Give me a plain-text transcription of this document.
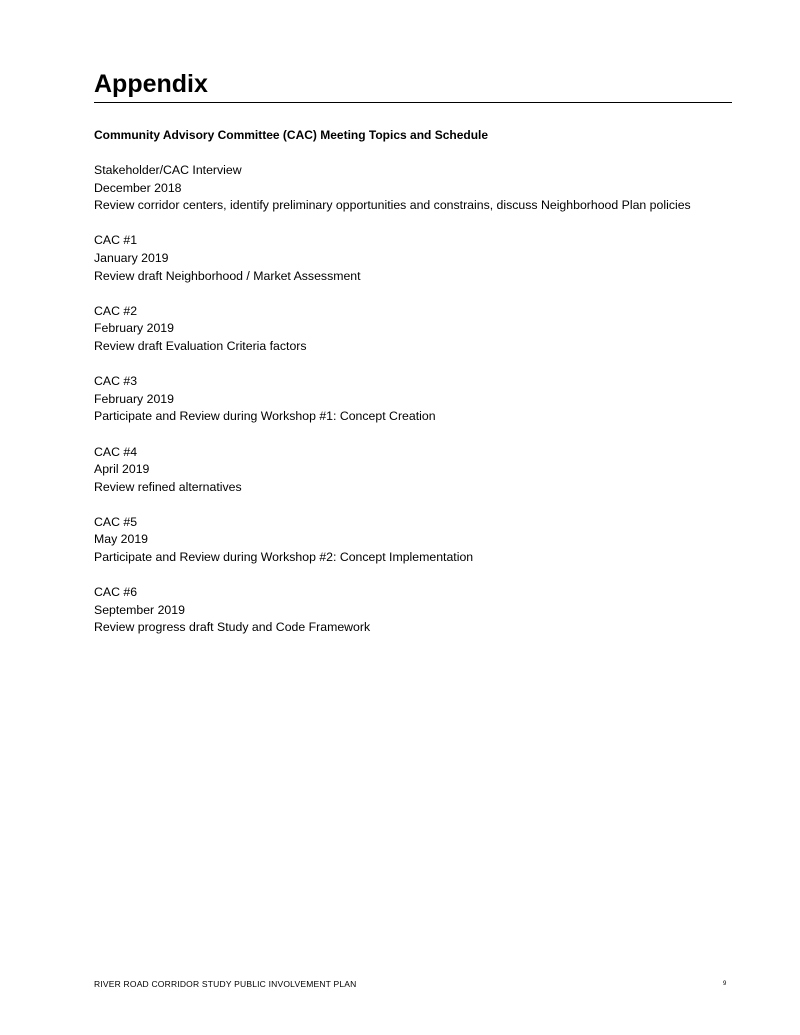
Appendix
Community Advisory Committee (CAC) Meeting Topics and Schedule
Stakeholder/CAC Interview
December 2018
Review corridor centers, identify preliminary opportunities and constrains, discuss Neighborhood Plan policies
CAC #1
January 2019
Review draft Neighborhood / Market Assessment
CAC #2
February 2019
Review draft Evaluation Criteria factors
CAC #3
February 2019
Participate and Review during Workshop #1: Concept Creation
CAC #4
April 2019
Review refined alternatives
CAC #5
May 2019
Participate and Review during Workshop #2: Concept Implementation
CAC #6
September 2019
Review progress draft Study and Code Framework
RIVER ROAD CORRIDOR STUDY PUBLIC INVOLVEMENT PLAN	9
